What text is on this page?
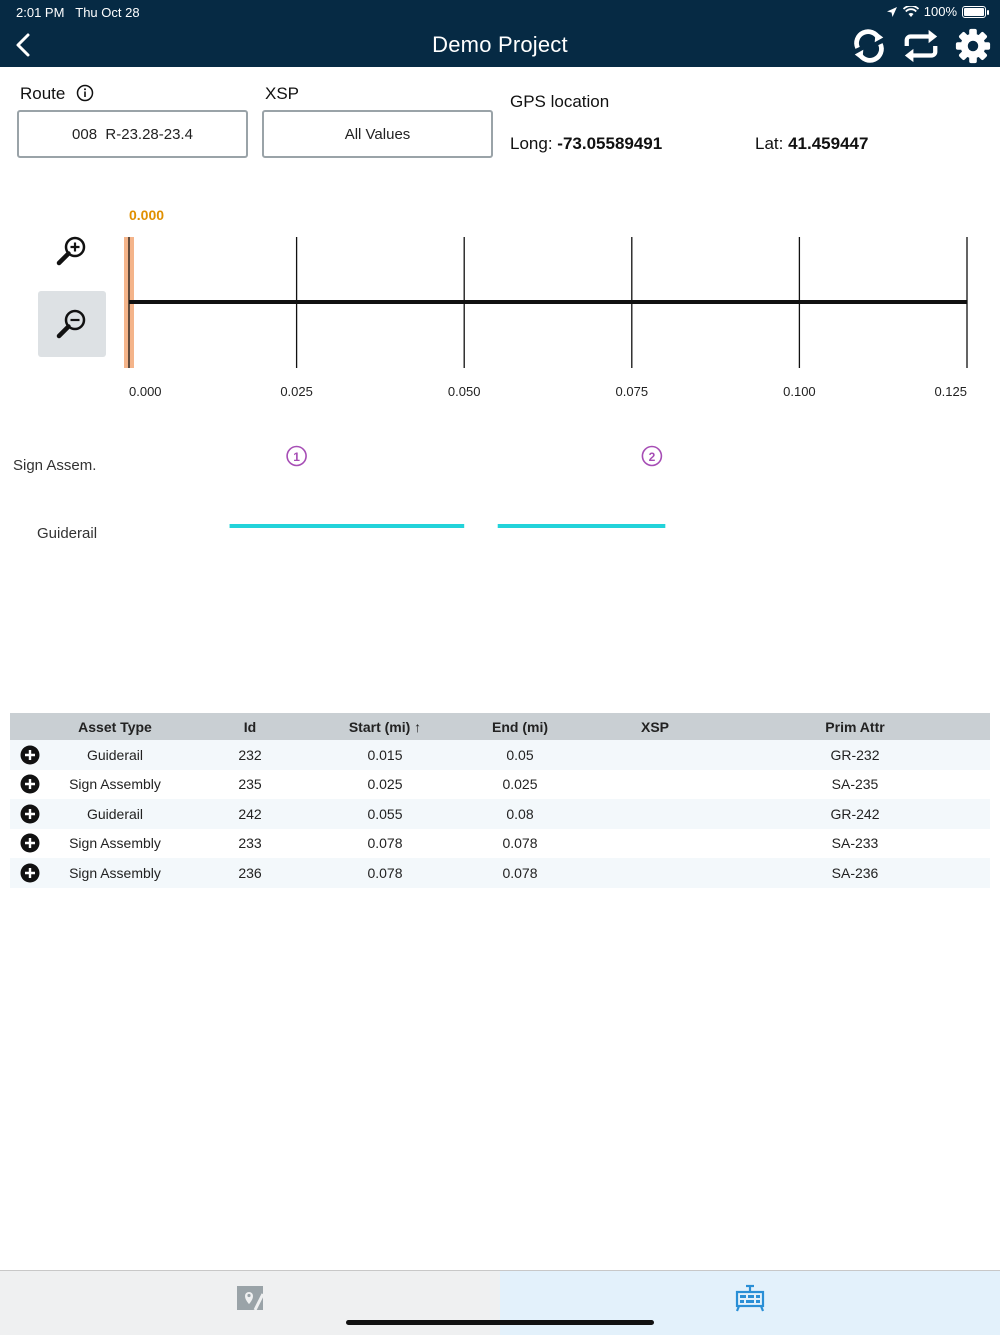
2:01 PM Thu Oct 28	100%
Demo Project
Route
008  R-23.28-23.4
XSP
All Values
GPS location
Long: -73.05589491	Lat: 41.459447
0.000	0.025	0.050	0.075	0.100	0.125
0.000
1	2
Sign Assem.
Guiderail
	Asset Type	Id	Start (mi) ↑	End (mi)	XSP	Prim Attr
	Guiderail	232	0.015	0.05		GR-232
	Sign Assembly	235	0.025	0.025		SA-235
	Guiderail	242	0.055	0.08		GR-242
	Sign Assembly	233	0.078	0.078		SA-233
	Sign Assembly	236	0.078	0.078		SA-236
